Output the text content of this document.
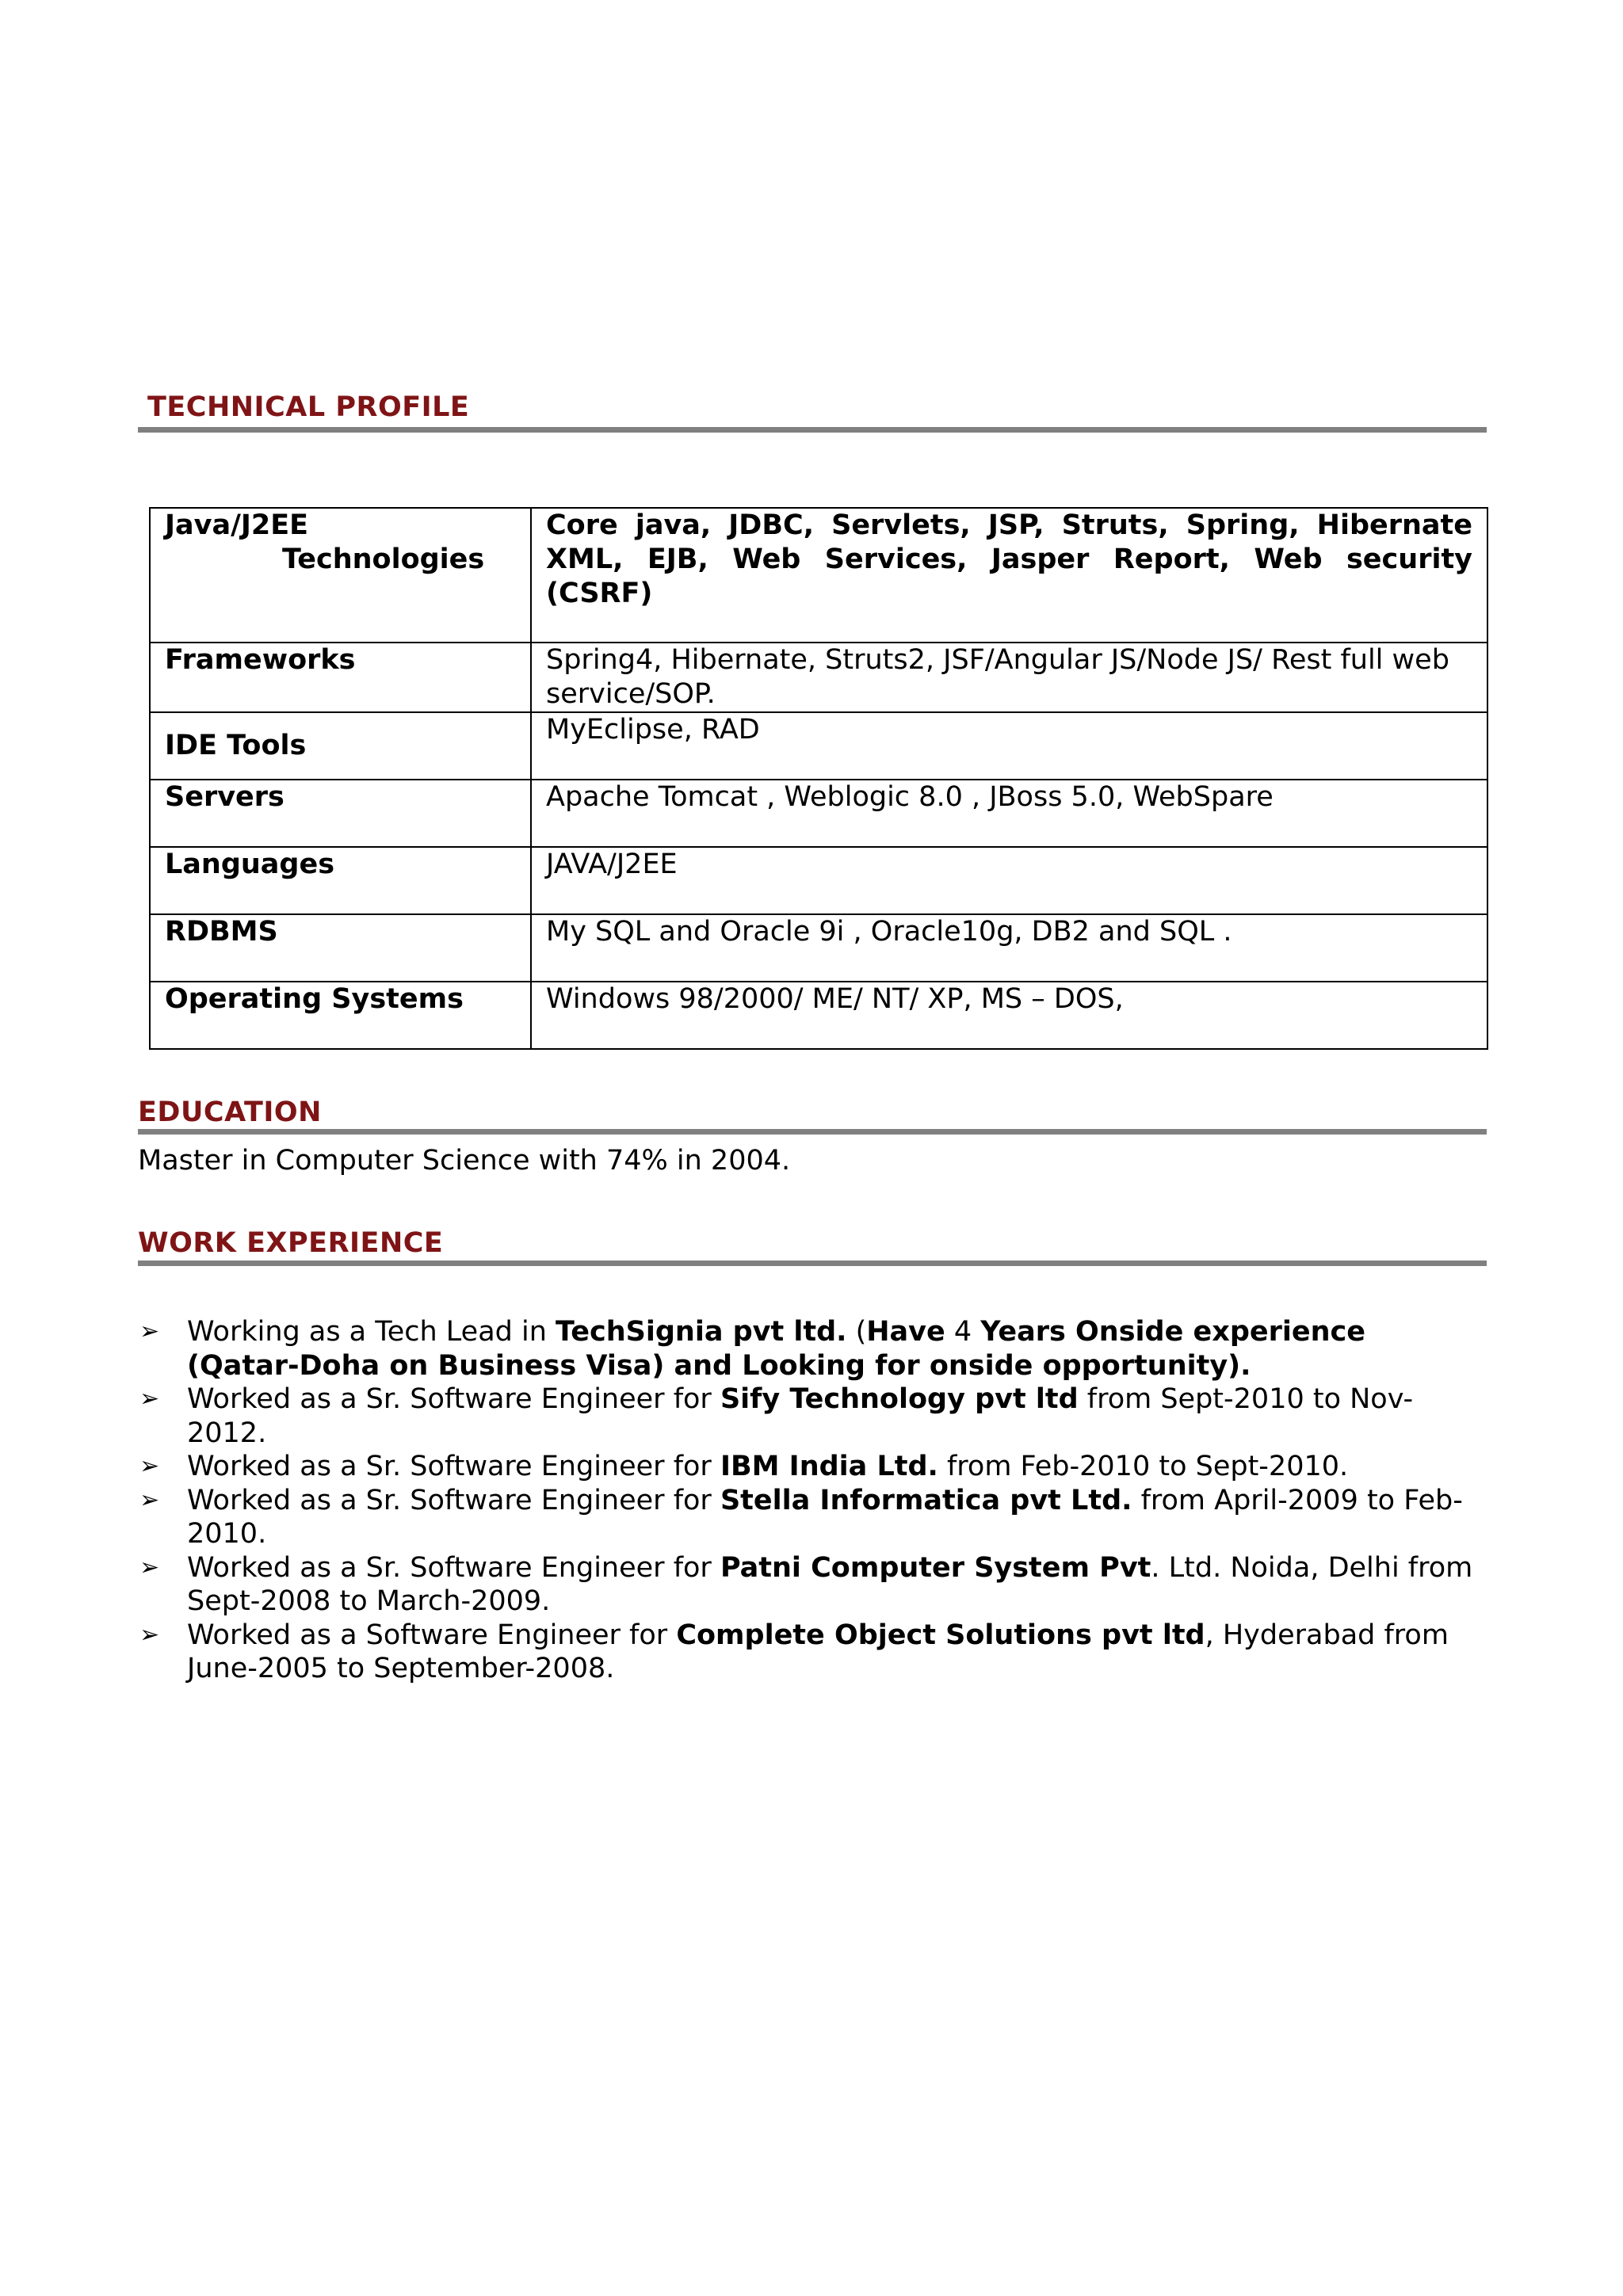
TECHNICAL PROFILE
Java/J2EE
Technologies	Core java, JDBC, Servlets, JSP, Struts, Spring, Hibernate XML, EJB, Web Services, Jasper Report, Web security (CSRF)
Frameworks	Spring4, Hibernate, Struts2, JSF/Angular JS/Node JS/ Rest full web service/SOP.
IDE Tools	MyEclipse, RAD
Servers	Apache Tomcat , Weblogic 8.0 , JBoss 5.0, WebSpare
Languages	JAVA/J2EE
RDBMS	My SQL and Oracle 9i , Oracle10g, DB2 and SQL .
Operating Systems	Windows 98/2000/ ME/ NT/ XP, MS – DOS,
EDUCATION
Master in Computer Science with 74% in 2004.
WORK EXPERIENCE
➢ Working as a Tech Lead in TechSignia pvt ltd. (Have 4 Years Onside experience (Qatar-Doha on Business Visa) and Looking for onside opportunity).
➢ Worked as a Sr. Software Engineer for Sify Technology pvt ltd from Sept-2010 to Nov-2012.
➢ Worked as a Sr. Software Engineer for IBM India Ltd. from Feb-2010 to Sept-2010.
➢ Worked as a Sr. Software Engineer for Stella Informatica pvt Ltd. from April-2009 to Feb-2010.
➢ Worked as a Sr. Software Engineer for Patni Computer System Pvt. Ltd. Noida, Delhi from Sept-2008 to March-2009.
➢ Worked as a Software Engineer for Complete Object Solutions pvt ltd, Hyderabad from June-2005 to September-2008.
